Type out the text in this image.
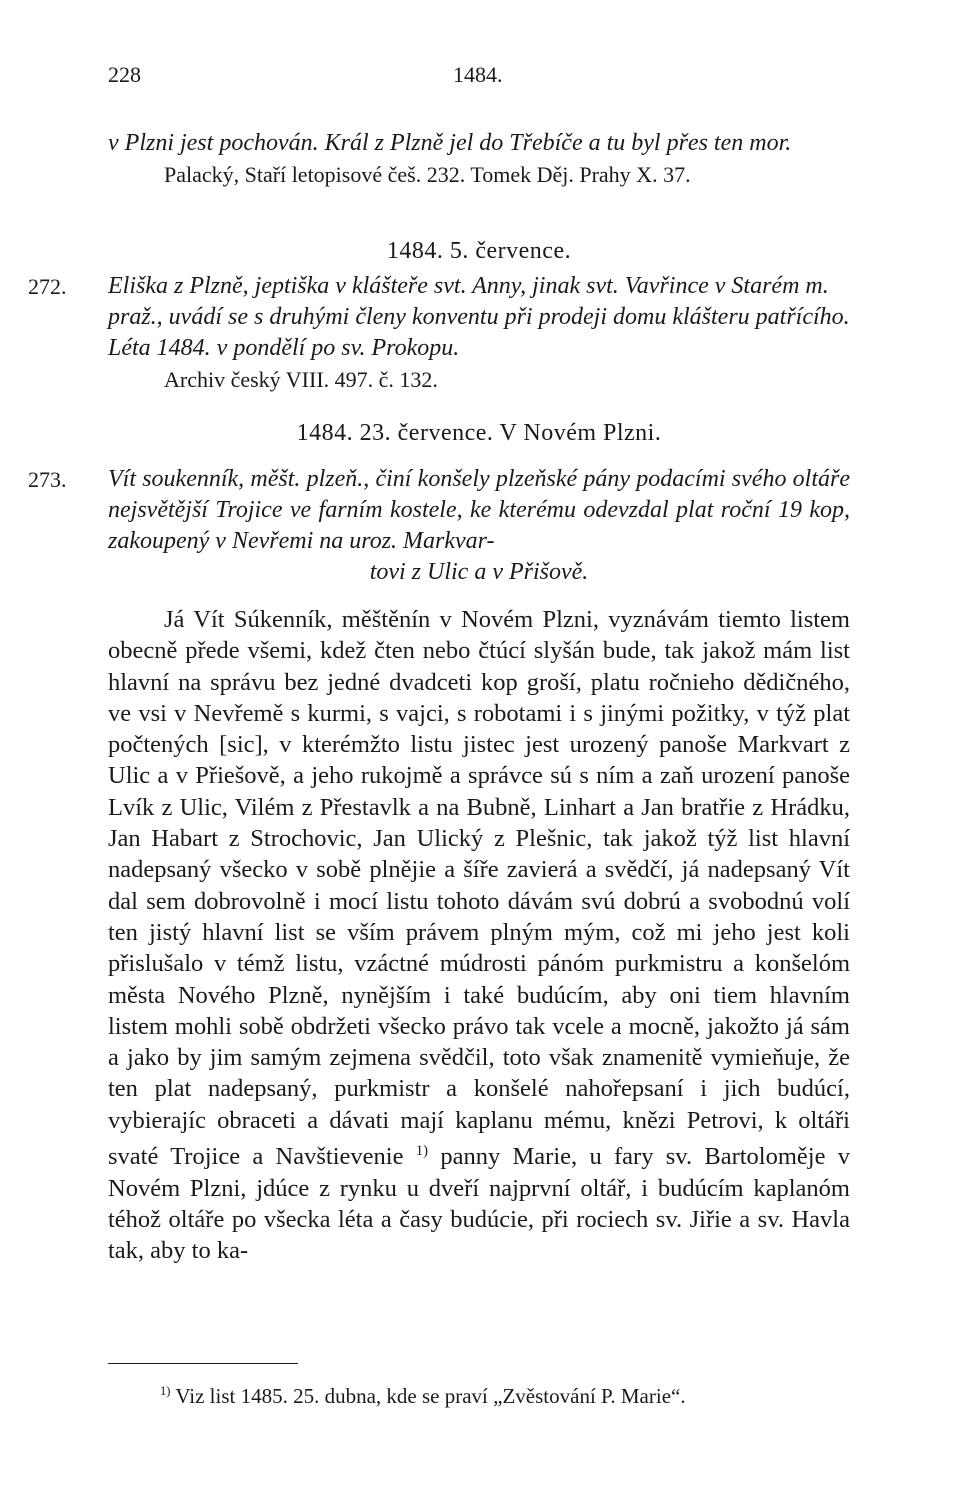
228	1484.
v Plzni jest pochován. Král z Plzně jel do Třebíče a tu byl přes ten mor.
Palacký, Staří letopisové češ. 232. Tomek Děj. Prahy X. 37.
1484. 5. července.
272. Eliška z Plzně, jeptiška v klášteře svt. Anny, jinak svt. Vavřince v Starém m. praž., uvádí se s druhými členy konventu při prodeji domu klášteru patřícího. Léta 1484. v pondělí po sv. Prokopu.
Archiv český VIII. 497. č. 132.
1484. 23. července. V Novém Plzni.
273. Vít soukenník, měšt. plzeň., činí konšely plzeňské pány podacími svého oltáře nejsvětější Trojice ve farním kostele, ke kterému odevzdal plat roční 19 kop, zakoupený v Nevřemi na uroz. Markvar-
tovi z Ulic a v Přišově.
Já Vít Súkenník, měštěnín v Novém Plzni, vyznávám tiemto listem obecně přede všemi, kdež čten nebo čtúcí slyšán bude, tak jakož mám list hlavní na správu bez jedné dvadceti kop groší, platu ročnieho dědičného, ve vsi v Nevřemě s kurmi, s vajci, s robotami i s jinými požitky, v týž plat počtených [sic], v kterémžto listu jistec jest urozený panoše Markvart z Ulic a v Přiešově, a jeho rukojmě a správce sú s ním a zaň urození panoše Lvík z Ulic, Vilém z Přestavlk a na Bubně, Linhart a Jan bratřie z Hrádku, Jan Habart z Strochovic, Jan Ulický z Plešnic, tak jakož týž list hlavní nadepsaný všecko v sobě plnějie a šíře zavierá a svědčí, já nadepsaný Vít dal sem dobrovolně i mocí listu tohoto dávám svú dobrú a svobodnú volí ten jistý hlavní list se vším právem plným mým, což mi jeho jest koli přislušalo v témž listu, vzáctné múdrosti pánóm purkmistru a konšelóm města Nového Plzně, nynějším i také budúcím, aby oni tiem hlavním listem mohli sobě obdržeti všecko právo tak vcele a mocně, jakožto já sám a jako by jim samým zejmena svědčil, toto však znamenitě vymieňuje, že ten plat nadepsaný, purkmistr a konšelé nahořepsaní i jich budúcí, vybierajíc obraceti a dávati mají kaplanu mému, knězi Petrovi, k oltáři svaté Trojice a Navštievenie $^{1)}$ panny Marie, u fary sv. Bartoloměje v Novém Plzni, jdúce z rynku u dveří najprvní oltář, i budúcím kaplanóm téhož oltáře po všecka léta a časy budúcie, při rociech sv. Jiřie a sv. Havla tak, aby to ka-
$^{1)}$ Viz list 1485. 25. dubna, kde se praví „Zvěstování P. Marie“.
